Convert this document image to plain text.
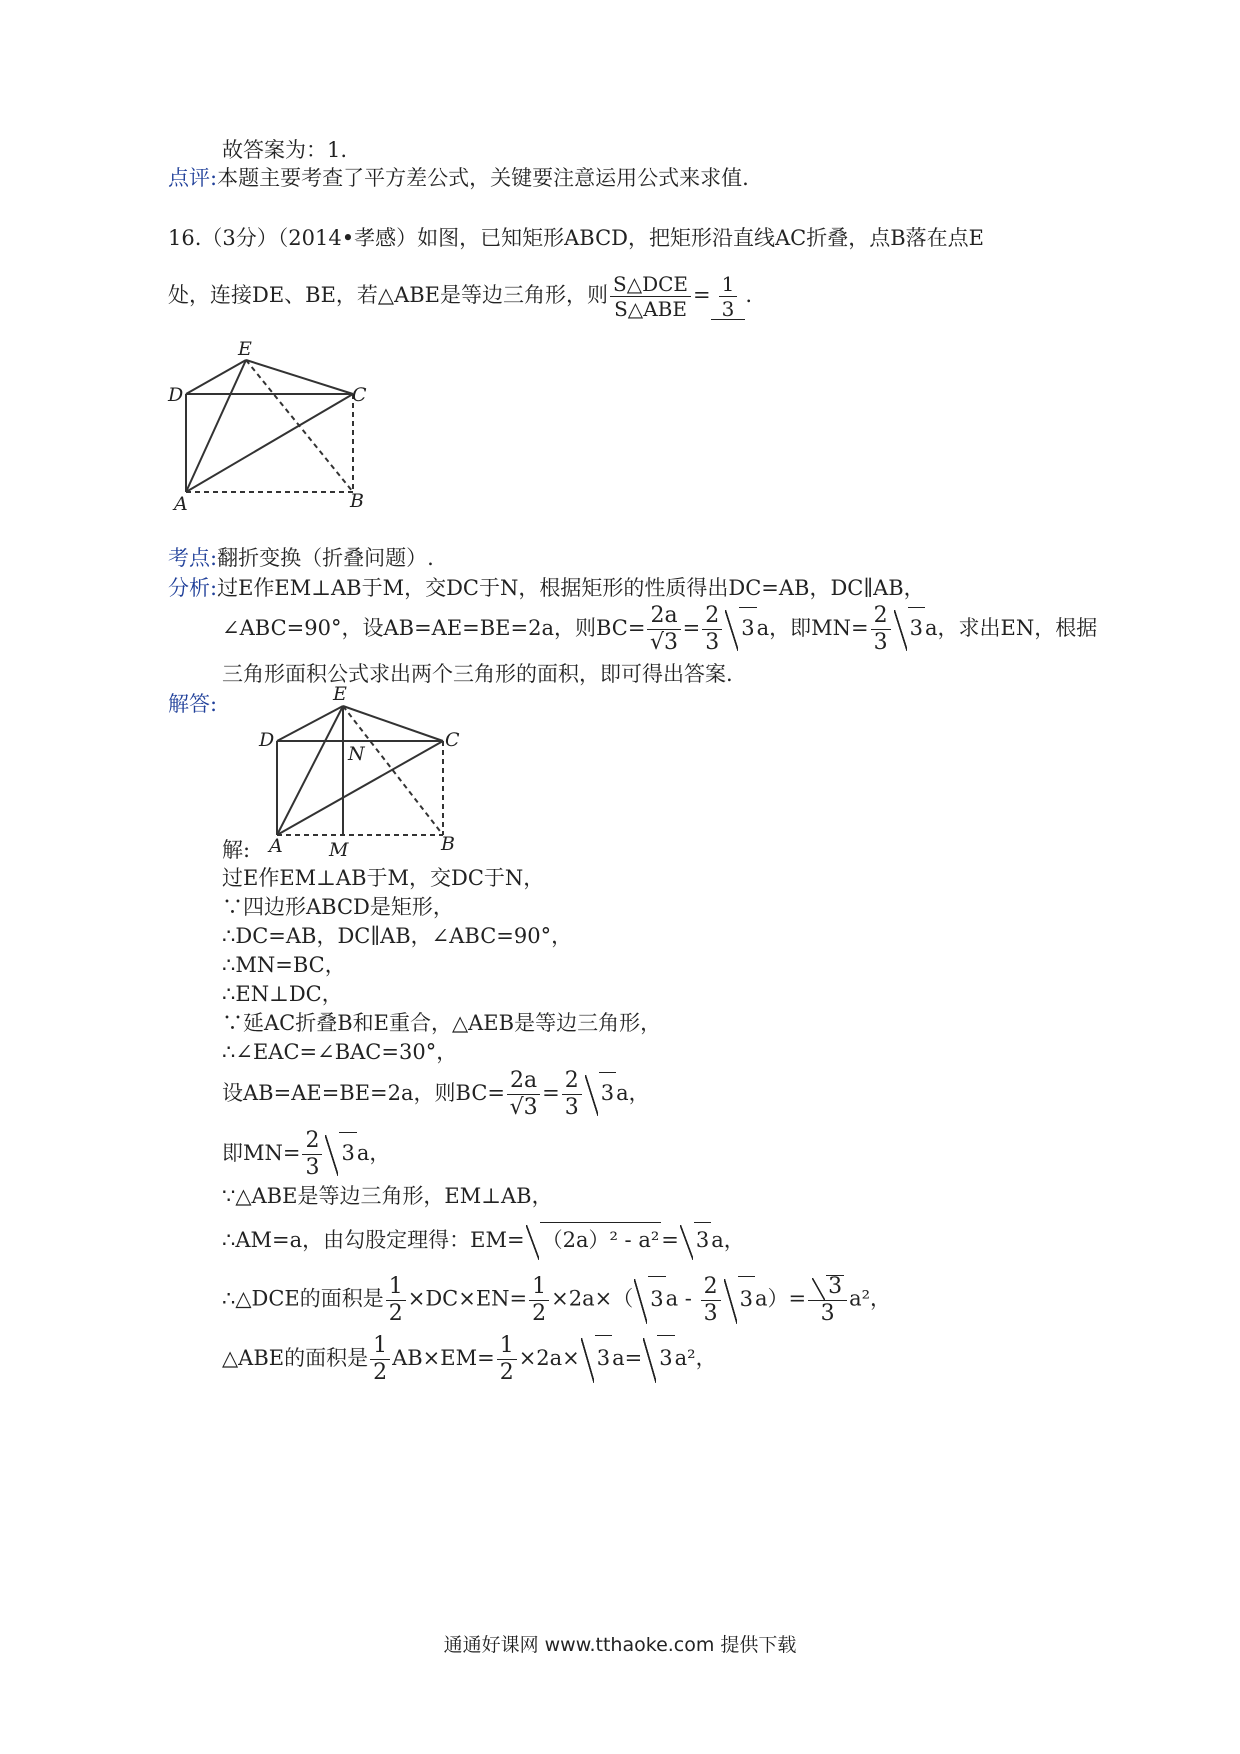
故答案为：1.
点评:本题主要考查了平方差公式，关键要注意运用公式来求值.
16.（3分）（2014•孝感）如图，已知矩形ABCD，把矩形沿直线AC折叠，点B落在点E
处，连接DE、BE，若△ABE是等边三角形，则 $\frac{\text{S△DCE}}{\text{S△ABE}} = \frac{1}{3}$ .
E
D	C
A	B
考点:翻折变换（折叠问题）.
分析:过E作EM⊥AB于M，交DC于N，根据矩形的性质得出DC=AB，DC∥AB，
∠ABC=90°，设AB=AE=BE=2a，则$BC= \frac{2a}{√3} = \frac{2}{3} 3a$，即$MN= \frac{2}{3} 3a$，求出EN，根据
三角形面积公式求出两个三角形的面积，即可得出答案.
解答:	E
D	C
N
A M	B
解:
过E作EM⊥AB于M，交DC于N，
∵四边形ABCD是矩形，
∴DC=AB，DC∥AB，∠ABC=90°，
∴MN=BC，
∴EN⊥DC，
∵延AC折叠B和E重合，△AEB是等边三角形，
∴∠EAC=∠BAC=30°，
设AB=AE=BE=2a，则$BC= \frac{2a}{√3} = \frac{2}{3} 3a$，
即$MN= \frac{2}{3} 3a$，
∵△ABE是等边三角形，EM⊥AB，
∴AM=a，由勾股定理得：EM= （2a）² - a²= 3a，
∴△DCE的面积是 $\frac{1}{2} \times DC\times EN= \frac{1}{2} \times 2a\times$（ $3a - \frac{2}{3} 3a)= \frac{3}{3} a^2$，
△ABE的面积是 $\frac{1}{2} AB\times EM= \frac{1}{2} \times 2a\times 3a= 3a^2$，
通通好课网 www.tthaoke.com 提供下载
